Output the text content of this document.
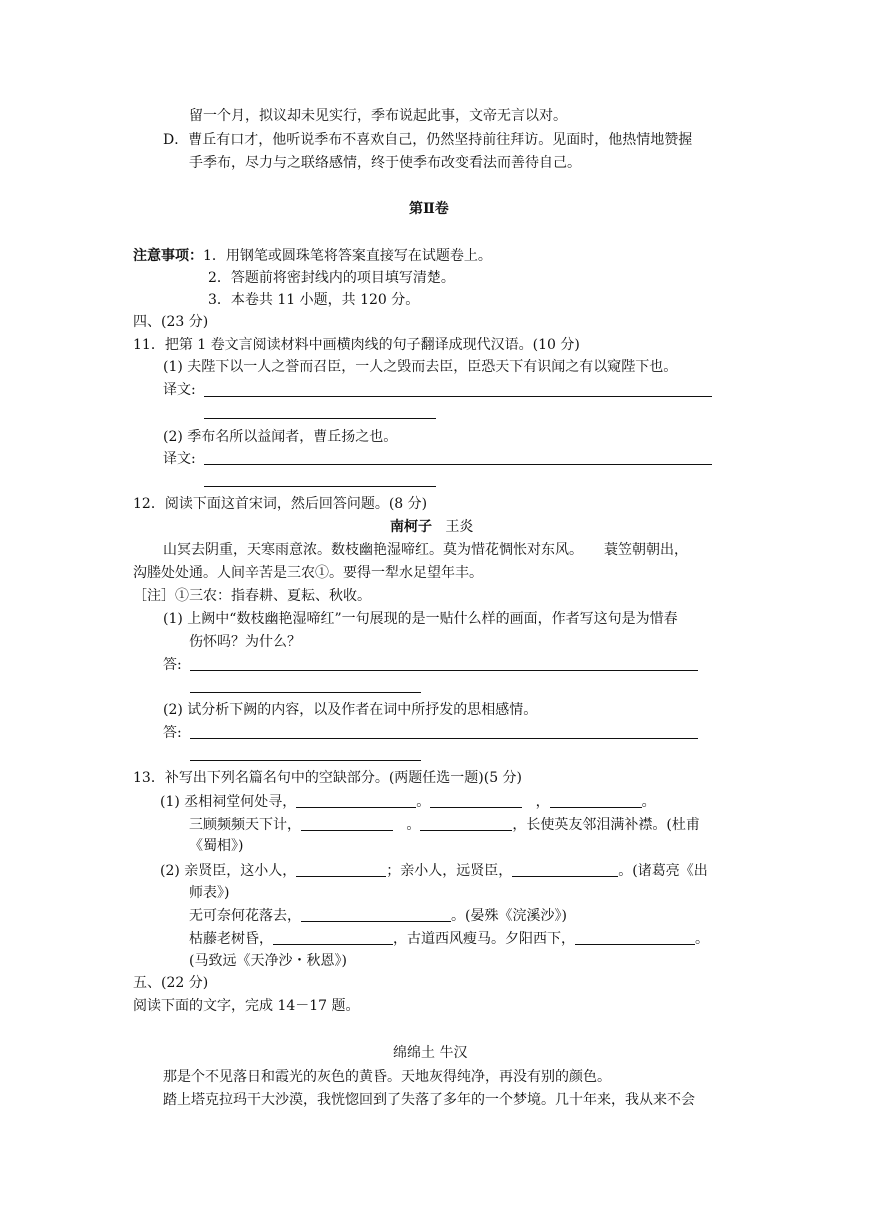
留一个月，拟议却未见实行，季布说起此事，文帝无言以对。
D．曹丘有口才，他听说季布不喜欢自己，仍然坚持前往拜访。见面时，他热情地赞握
手季布，尽力与之联络感情，终于使季布改变看法而善待自己。
第Ⅱ卷
注意事项：1．用钢笔或圆珠笔将答案直接写在试题卷上。
2．答题前将密封线内的项目填写清楚。
3．本卷共 11 小题，共 120 分。
四、(23 分)
11．把第 1 卷文言阅读材料中画横肉线的句子翻译成现代汉语。(10 分)
(1) 夫陛下以一人之誉而召臣，一人之毁而去臣，臣恐天下有识闻之有以窥陛下也。
译文:
(2) 季布名所以益闻者，曹丘扬之也。
译文:
12．阅读下面这首宋词，然后回答问题。(8 分)
南柯子 王炎
山冥去阴重，天寒雨意浓。数枝幽艳湿啼红。莫为惜花惆怅对东风。　　蓑笠朝朝出，
沟塍处处通。人间辛苦是三农①。要得一犁水足望年丰。
［注］①三农：指春耕、夏耘、秋收。
(1) 上阙中“数枝幽艳湿啼红”一句展现的是一贴什么样的画面，作者写这句是为惜春
伤怀吗？为什么？
答:
(2) 试分析下阙的内容，以及作者在词中所抒发的思相感情。
答:
13．补写出下列名篇名句中的空缺部分。(两题任选一题)(5 分)
(1) 丞相祠堂何处寻，	。	，	。
三顾频频天下计，	。	，长使英友邻泪满补襟。(杜甫
《蜀相》)
(2) 亲贤臣，这小人，	；亲小人，远贤臣，	。(诸葛亮《出
师表》)
无可奈何花落去，	。(晏殊《浣溪沙》)
枯藤老树昏，	，古道西风瘦马。夕阳西下，	。
(马致远《天净沙・秋恩》)
五、(22 分)
阅读下面的文字，完成 14－17 题。
绵绵土 牛汉
那是个不见落日和霞光的灰色的黄昏。天地灰得纯净，再没有别的颜色。
踏上塔克拉玛干大沙漠，我恍惚回到了失落了多年的一个梦境。几十年来，我从来不会
